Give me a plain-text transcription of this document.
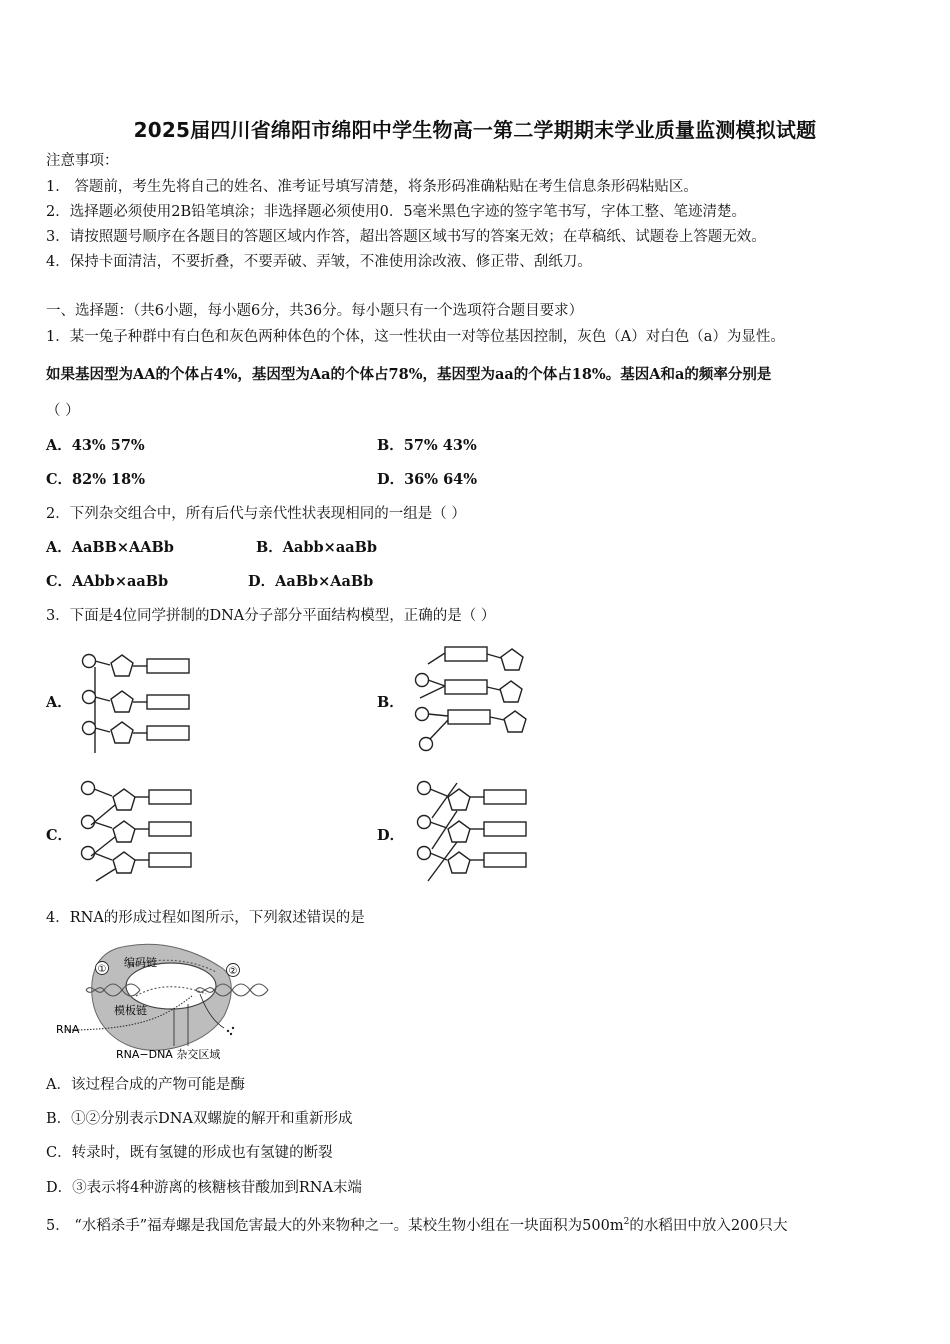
2025届四川省绵阳市绵阳中学生物高一第二学期期末学业质量监测模拟试题
注意事项：
1． 答题前，考生先将自己的姓名、准考证号填写清楚，将条形码准确粘贴在考生信息条形码粘贴区。
2．选择题必须使用2B铅笔填涂；非选择题必须使用0．5毫米黑色字迹的签字笔书写，字体工整、笔迹清楚。
3．请按照题号顺序在各题目的答题区域内作答，超出答题区域书写的答案无效；在草稿纸、试题卷上答题无效。
4．保持卡面清洁，不要折叠，不要弄破、弄皱，不准使用涂改液、修正带、刮纸刀。
一、选择题：（共6小题，每小题6分，共36分。每小题只有一个选项符合题目要求）
1．某一兔子种群中有白色和灰色两种体色的个体，这一性状由一对等位基因控制，灰色（A）对白色（a）为显性。
如果基因型为AA的个体占4%，基因型为Aa的个体占78%，基因型为aa的个体占18%。基因A和a的频率分别是
（ ）
A．43% 57%	B．57% 43%
C．82% 18%	D．36% 64%
2．下列杂交组合中，所有后代与亲代性状表现相同的一组是（ ）
A．AaBB×AABb	B．Aabb×aaBb
C．AAbb×aaBb	D．AaBb×AaBb
3．下面是4位同学拼制的DNA分子部分平面结构模型，正确的是（ ）
A．	B．
C．	D．
4．RNA的形成过程如图所示，下列叙述错误的是
①	②
编码链
模板链
RNA
RNA−DNA 杂交区域
A．该过程合成的产物可能是酶
B．①②分别表示DNA双螺旋的解开和重新形成
C．转录时，既有氢键的形成也有氢键的断裂
D．③表示将4种游离的核糖核苷酸加到RNA末端
5． “水稻杀手”福寿螺是我国危害最大的外来物种之一。某校生物小组在一块面积为$500m^2$的水稻田中放入200只大
